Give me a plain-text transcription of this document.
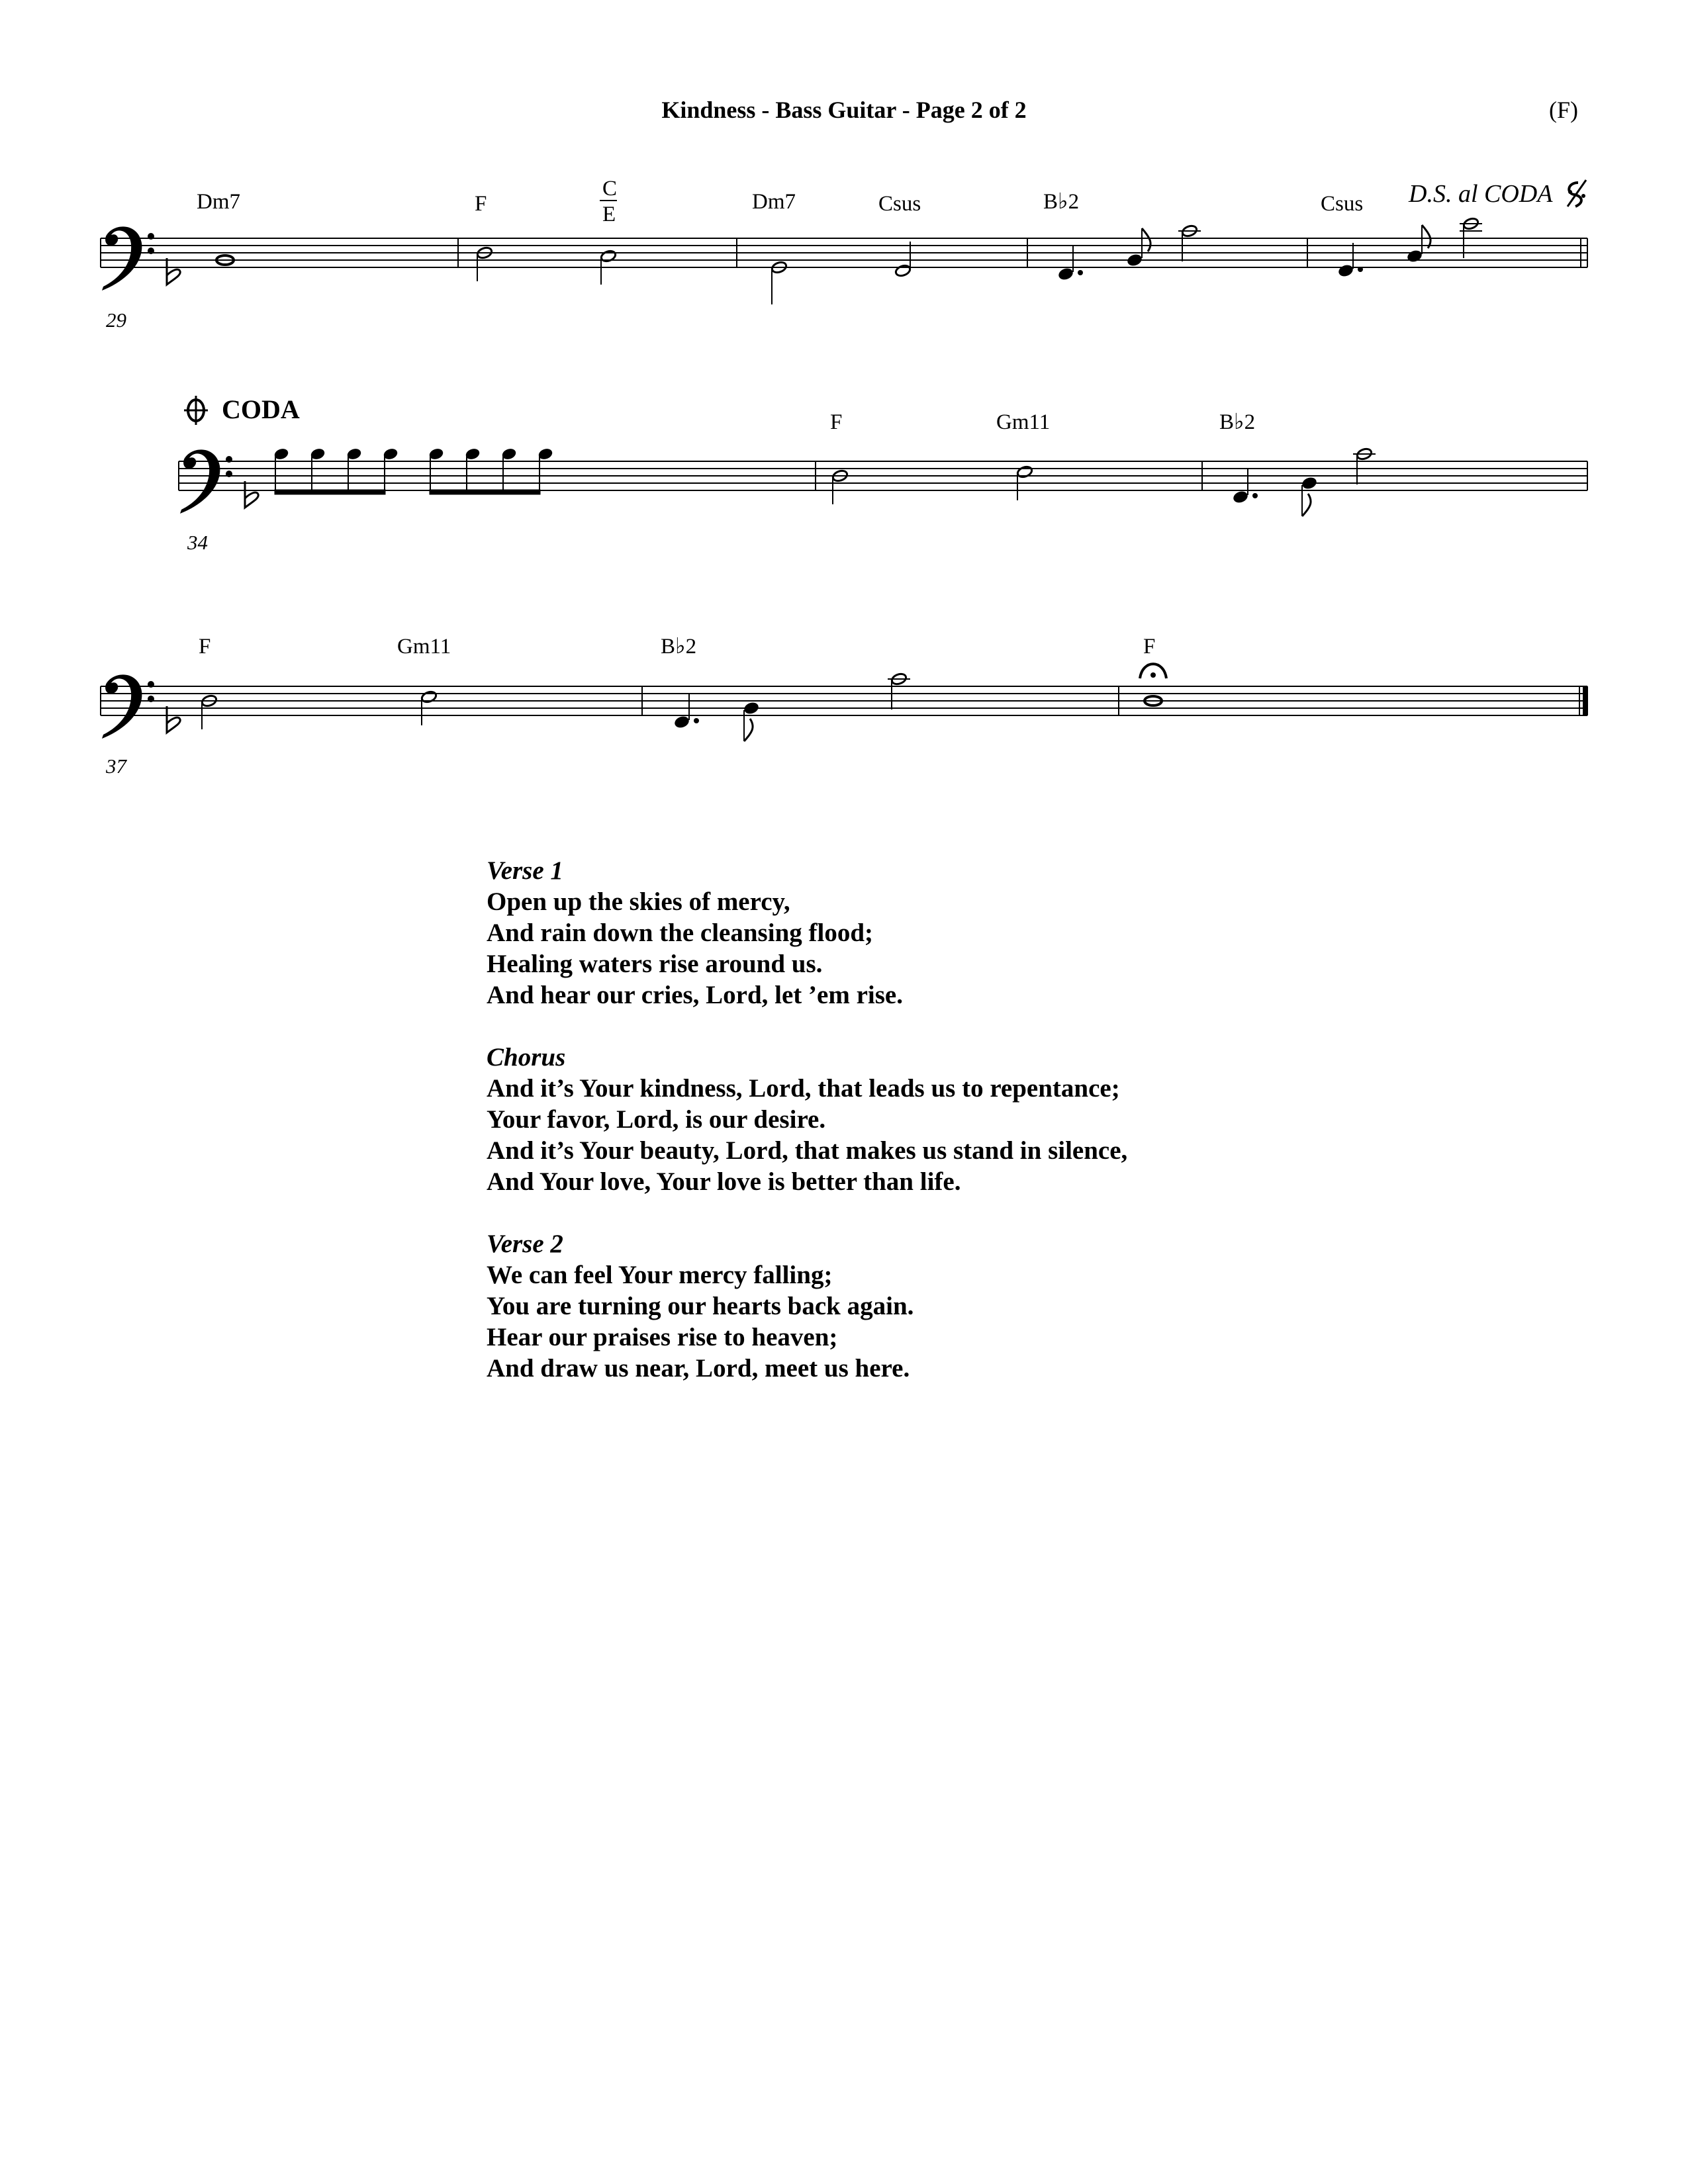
Kindness - Bass Guitar - Page 2 of 2	(F)
Dm7	F
C
E
Dm7	Csus	B♭2	Csus D.S. al CODA
29
CODA	F	Gm11	B♭2
34
F	Gm11	B♭2	F
37
Verse 1
Open up the skies of mercy,
And rain down the cleansing flood;
Healing waters rise around us.
And hear our cries, Lord, let ’em rise.
Chorus
And it’s Your kindness, Lord, that leads us to repentance;
Your favor, Lord, is our desire.
And it’s Your beauty, Lord, that makes us stand in silence,
And Your love, Your love is better than life.
Verse 2
We can feel Your mercy falling;
You are turning our hearts back again.
Hear our praises rise to heaven;
And draw us near, Lord, meet us here.
